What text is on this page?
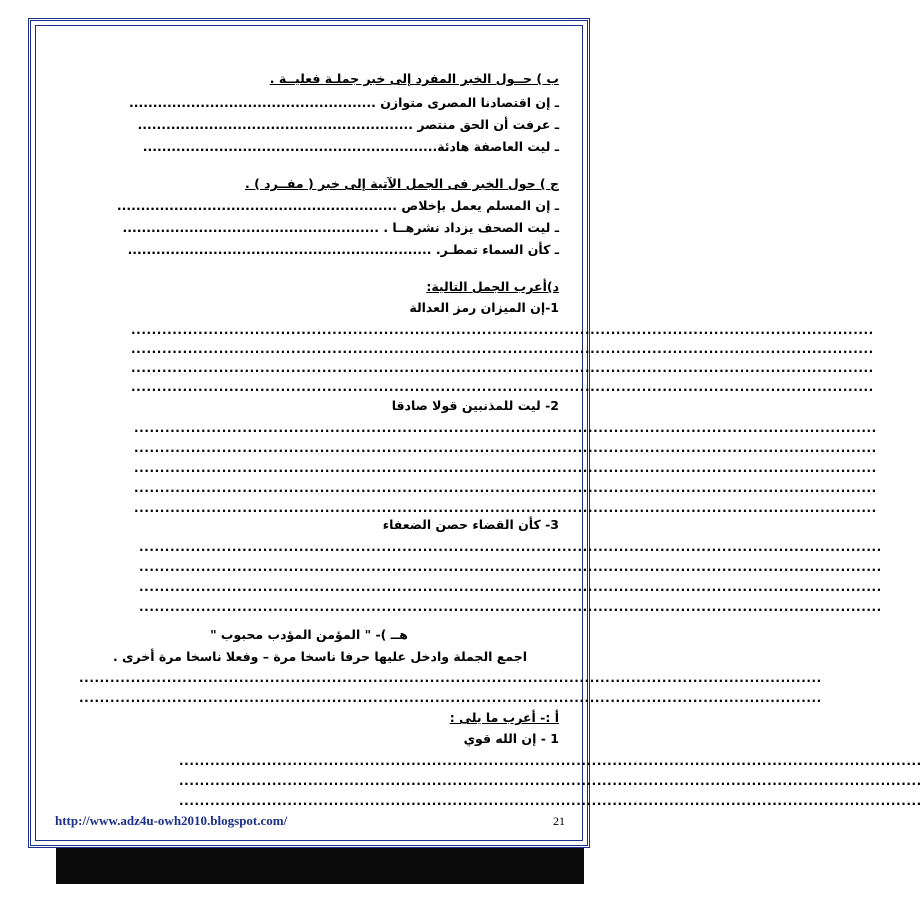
ب ) حــول الخبر المفرد إلى خبر جملـة فعليــة .
ـ إن اقتصادنا المصرى متوازن ....................................................
ـ عرفت أن الحق منتصر ..........................................................
ـ ليت العاصفة هادئة..............................................................
ج ) حول الخبر فى الجمل الآتية إلى خبر ( مفــرد ) .
ـ إن المسلم يعمل بإخلاص ...........................................................
ـ ليت الصحف يزداد نشرهــا . ......................................................
ـ كأن السماء تمطـر. ................................................................
د)أعرب الجمل التالية:
1-إن الميزان رمز العدالة
................................................................................................................................................
................................................................................................................................................
................................................................................................................................................
................................................................................................................................................
2- ليت للمذنبين قولا صادقا
................................................................................................................................................
................................................................................................................................................
................................................................................................................................................
................................................................................................................................................
................................................................................................................................................
3- كأن القضاء حصن الضعفاء
................................................................................................................................................
................................................................................................................................................
................................................................................................................................................
................................................................................................................................................
هــ )- " المؤمن المؤدب محبوب "
اجمع الجملة وادخل عليها حرفا ناسخا مرة – وفعلا ناسخا مرة أخرى .
................................................................................................................................................
................................................................................................................................................
أ :- أعرب ما يلى :
1 - إن الله قوي
................................................................................................................................................
................................................................................................................................................
................................................................................................................................................
http://www.adz4u-owh2010.blogspot.com/	21
